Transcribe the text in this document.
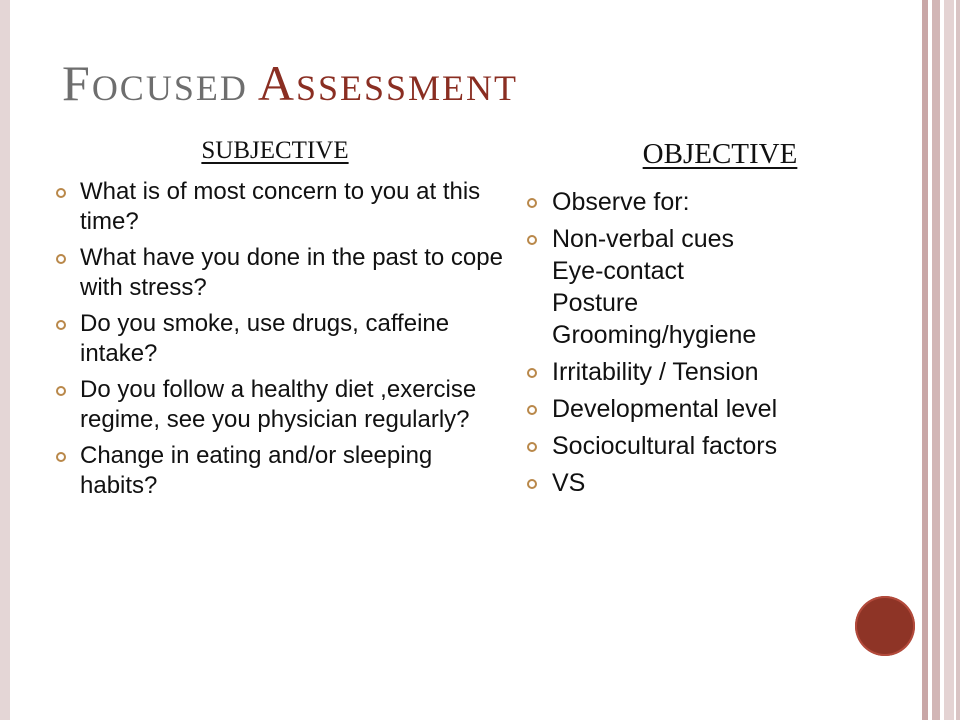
FOCUSED ASSESSMENT
SUBJECTIVE
What is of most concern to you at this time?
What have you done in the past to cope with stress?
Do you smoke, use drugs, caffeine intake?
Do you follow a healthy diet ,exercise regime, see you physician regularly?
Change in eating and/or sleeping habits?
OBJECTIVE
Observe for:
Non-verbal cues
Eye-contact
Posture
Grooming/hygiene
Irritability / Tension
Developmental level
Sociocultural factors
VS
